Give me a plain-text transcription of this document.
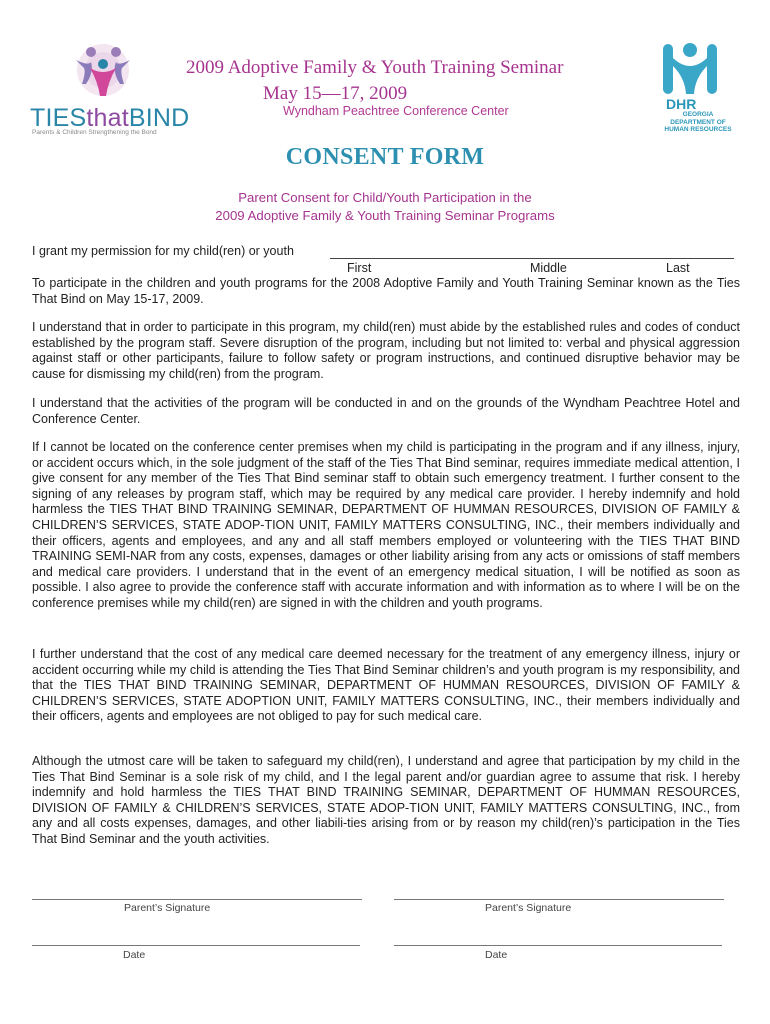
TIESthatBIND
Parents & Children Strengthening the Bond
2009 Adoptive Family & Youth Training Seminar
May 15—17, 2009
Wyndham Peachtree Conference Center	DHR
GEORGIA DEPARTMENT OF HUMAN RESOURCES
CONSENT FORM
Parent Consent for Child/Youth Participation in the
2009 Adoptive Family & Youth Training Seminar Programs
I grant my permission for my child(ren) or youth
First	Middle	Last
To participate in the children and youth programs for the 2008 Adoptive Family and Youth Training Seminar known as the Ties That Bind on May 15-17, 2009.
I understand that in order to participate in this program, my child(ren) must abide by the established rules and codes of conduct established by the program staff. Severe disruption of the program, including but not limited to: verbal and physical aggression against staff or other participants, failure to follow safety or program instructions, and continued disruptive behavior may be cause for dismissing my child(ren) from the program.
I understand that the activities of the program will be conducted in and on the grounds of the Wyndham Peachtree Hotel and Conference Center.
If I cannot be located on the conference center premises when my child is participating in the program and if any illness, injury, or accident occurs which, in the sole judgment of the staff of the Ties That Bind seminar, requires immediate medical attention, I give consent for any member of the Ties That Bind seminar staff to obtain such emergency treatment. I further consent to the signing of any releases by program staff, which may be required by any medical care provider. I hereby indemnify and hold harmless the TIES THAT BIND TRAINING SEMINAR, DEPARTMENT OF HUMMAN RESOURCES, DIVISION OF FAMILY & CHILDREN’S SERVICES, STATE ADOP-TION UNIT, FAMILY MATTERS CONSULTING, INC., their members individually and their officers, agents and employees, and any and all staff members employed or volunteering with the TIES THAT BIND TRAINING SEMI-NAR from any costs, expenses, damages or other liability arising from any acts or omissions of staff members and medical care providers. I understand that in the event of an emergency medical situation, I will be notified as soon as possible. I also agree to provide the conference staff with accurate information and with information as to where I will be on the conference premises while my child(ren) are signed in with the children and youth programs.
I further understand that the cost of any medical care deemed necessary for the treatment of any emergency illness, injury or accident occurring while my child is attending the Ties That Bind Seminar children’s and youth program is my responsibility, and that the TIES THAT BIND TRAINING SEMINAR, DEPARTMENT OF HUMMAN RESOURCES, DIVISION OF FAMILY & CHILDREN’S SERVICES, STATE ADOPTION UNIT, FAMILY MATTERS CONSULTING, INC., their members individually and their officers, agents and employees are not obliged to pay for such medical care.
Although the utmost care will be taken to safeguard my child(ren), I understand and agree that participation by my child in the Ties That Bind Seminar is a sole risk of my child, and I the legal parent and/or guardian agree to assume that risk. I hereby indemnify and hold harmless the TIES THAT BIND TRAINING SEMINAR, DEPARTMENT OF HUMMAN RESOURCES, DIVISION OF FAMILY & CHILDREN’S SERVICES, STATE ADOP-TION UNIT, FAMILY MATTERS CONSULTING, INC., from any and all costs expenses, damages, and other liabili-ties arising from or by reason my child(ren)’s participation in the Ties That Bind Seminar and the youth activities.
Parent’s Signature	Parent’s Signature
Date	Date
